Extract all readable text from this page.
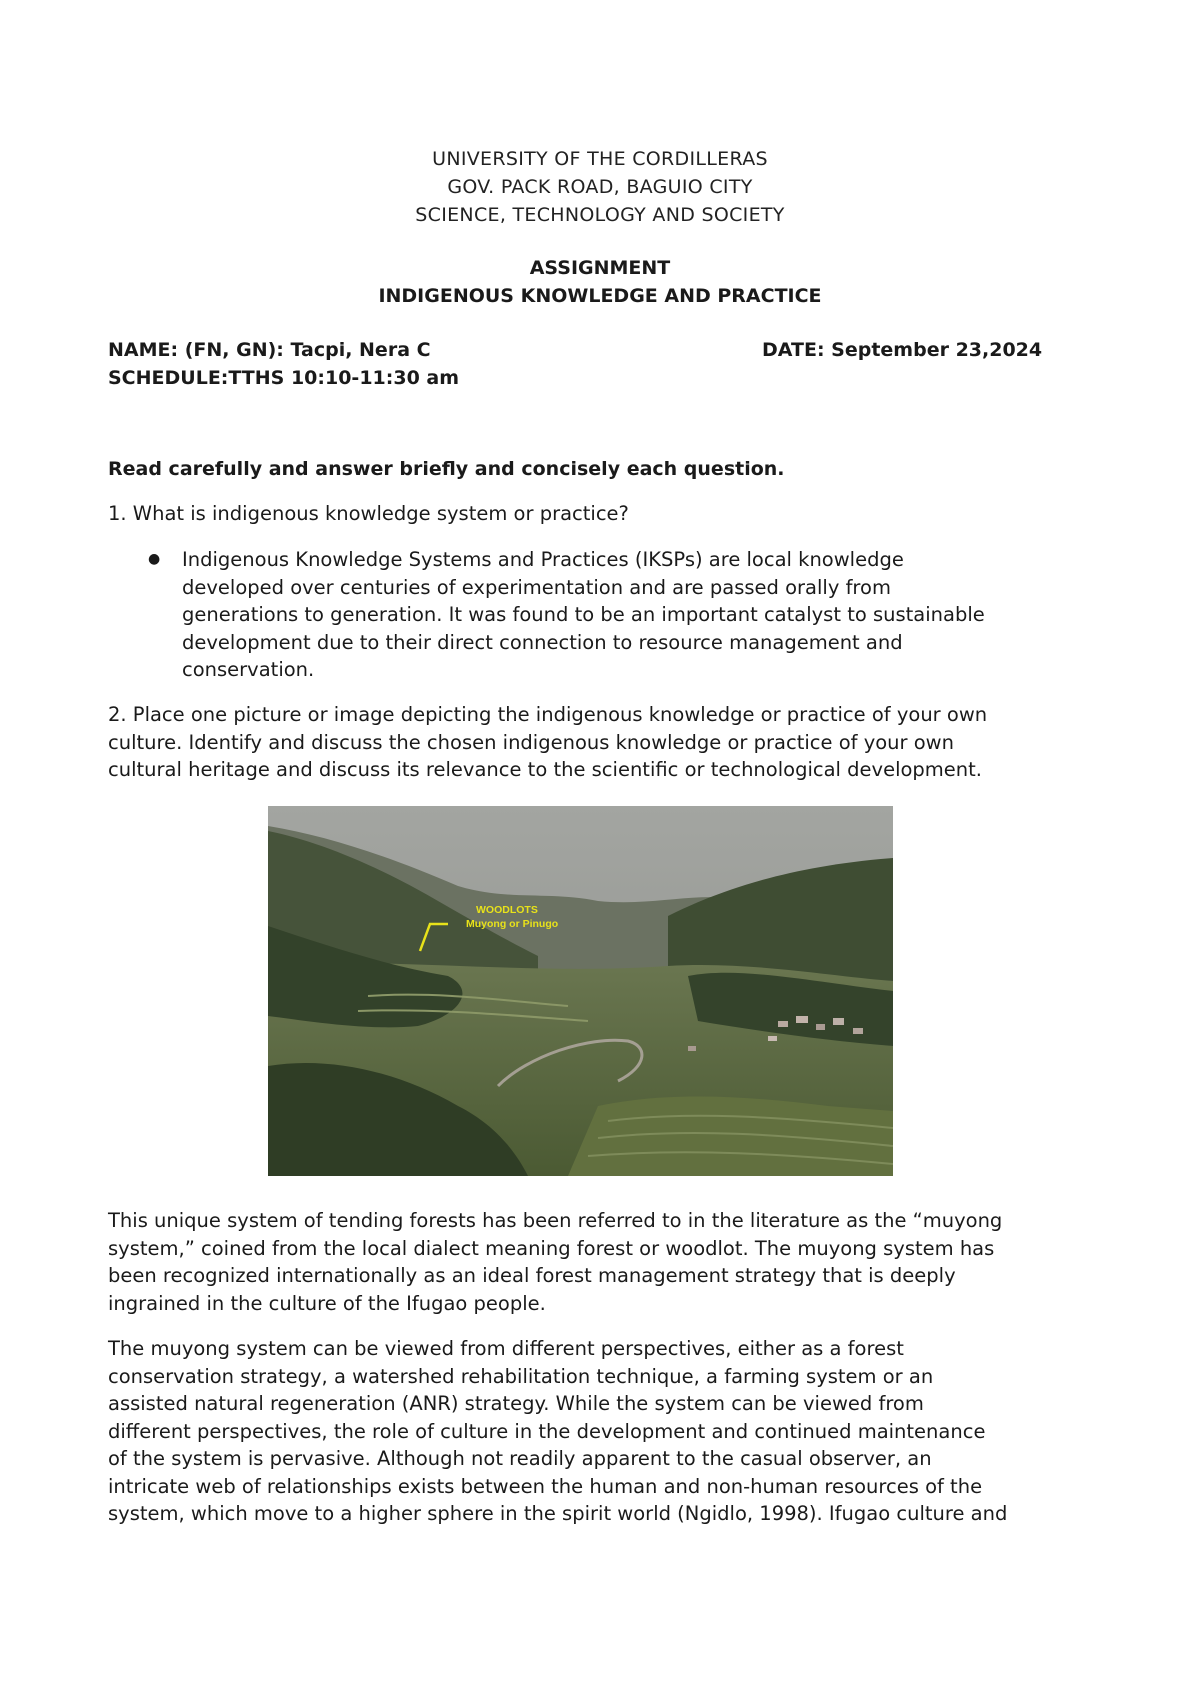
UNIVERSITY OF THE CORDILLERAS
GOV. PACK ROAD, BAGUIO CITY
SCIENCE, TECHNOLOGY AND SOCIETY
ASSIGNMENT
INDIGENOUS KNOWLEDGE AND PRACTICE
NAME: (FN, GN): Tacpi, Nera C
SCHEDULE:TTHS 10:10-11:30 am
DATE: September 23,2024
Read carefully and answer briefly and concisely each question.
1. What is indigenous knowledge system or practice?
● Indigenous Knowledge Systems and Practices (IKSPs) are local knowledge
developed over centuries of experimentation and are passed orally from
generations to generation. It was found to be an important catalyst to sustainable
development due to their direct connection to resource management and
conservation.
2. Place one picture or image depicting the indigenous knowledge or practice of your own
culture. Identify and discuss the chosen indigenous knowledge or practice of your own
cultural heritage and discuss its relevance to the scientific or technological development.
WOODLOTS
Muyong or Pinugo
This unique system of tending forests has been referred to in the literature as the “muyong
system,” coined from the local dialect meaning forest or woodlot. The muyong system has
been recognized internationally as an ideal forest management strategy that is deeply
ingrained in the culture of the Ifugao people.
The muyong system can be viewed from different perspectives, either as a forest
conservation strategy, a watershed rehabilitation technique, a farming system or an
assisted natural regeneration (ANR) strategy. While the system can be viewed from
different perspectives, the role of culture in the development and continued maintenance
of the system is pervasive. Although not readily apparent to the casual observer, an
intricate web of relationships exists between the human and non-human resources of the
system, which move to a higher sphere in the spirit world (Ngidlo, 1998). Ifugao culture and
